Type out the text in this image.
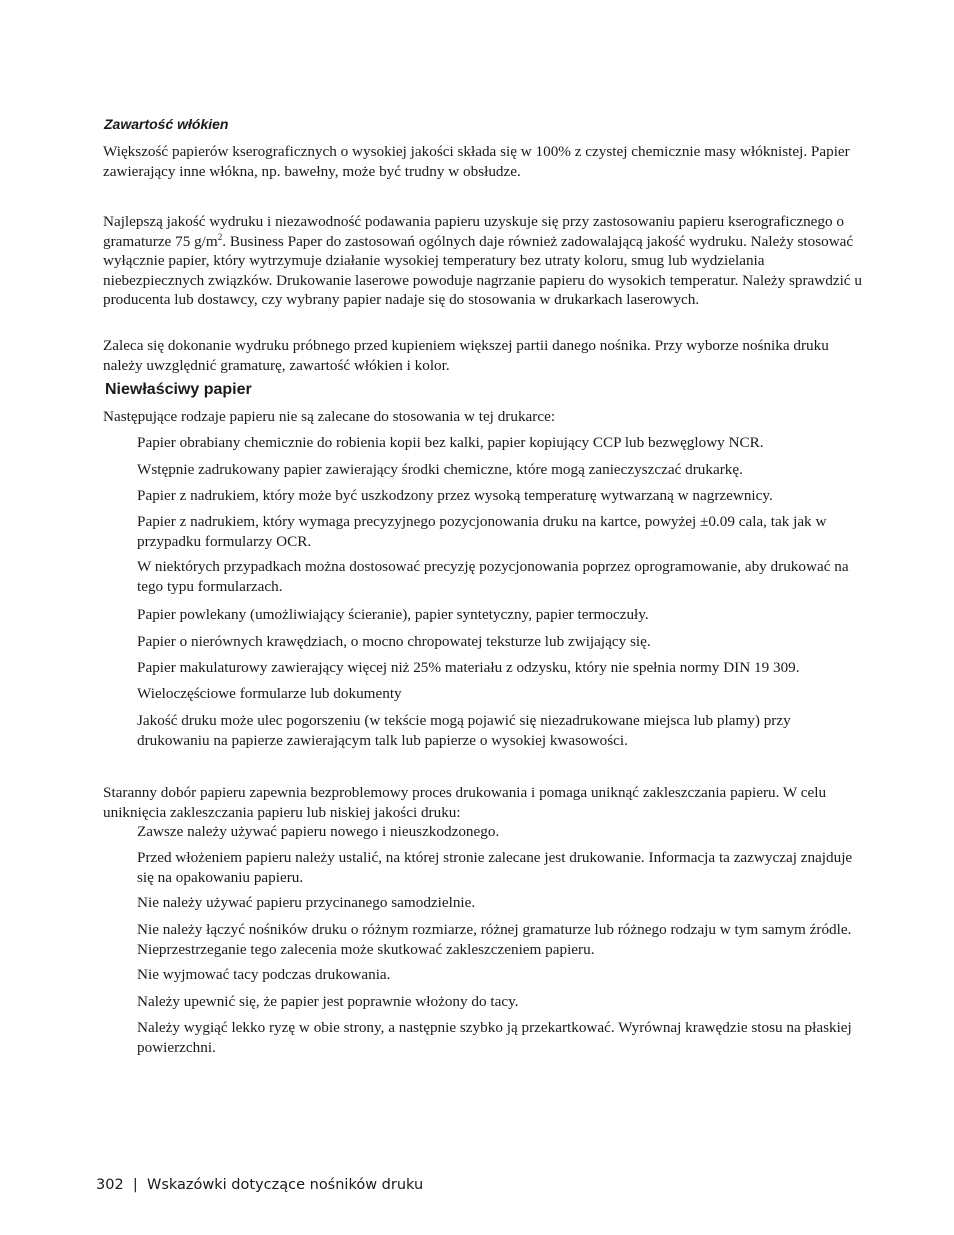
Zawartość włókien

Większość papierów kserograficznych o wysokiej jakości składa się w 100% z czystej chemicznie masy włóknistej. Papier zawierający inne włókna, np. bawełny, może być trudny w obsłudze.

Najlepszą jakość wydruku i niezawodność podawania papieru uzyskuje się przy zastosowaniu papieru kserograficznego o gramaturze 75 $g/m^2$. Business Paper do zastosowań ogólnych daje również zadowalającą jakość wydruku. Należy stosować wyłącznie papier, który wytrzymuje działanie wysokiej temperatury bez utraty koloru, smug lub wydzielania niebezpiecznych związków. Drukowanie laserowe powoduje nagrzanie papieru do wysokich temperatur. Należy sprawdzić u producenta lub dostawcy, czy wybrany papier nadaje się do stosowania w drukarkach laserowych.

Zaleca się dokonanie wydruku próbnego przed kupieniem większej partii danego nośnika. Przy wyborze nośnika druku należy uwzględnić gramaturę, zawartość włókien i kolor.

Niewłaściwy papier

Następujące rodzaje papieru nie są zalecane do stosowania w tej drukarce:

Papier obrabiany chemicznie do robienia kopii bez kalki, papier kopiujący CCP lub bezwęglowy NCR.

Wstępnie zadrukowany papier zawierający środki chemiczne, które mogą zanieczyszczać drukarkę.

Papier z nadrukiem, który może być uszkodzony przez wysoką temperaturę wytwarzaną w nagrzewnicy.

Papier z nadrukiem, który wymaga precyzyjnego pozycjonowania druku na kartce, powyżej ±0.09 cala, tak jak w przypadku formularzy OCR.

W niektórych przypadkach można dostosować precyzję pozycjonowania poprzez oprogramowanie, aby drukować na tego typu formularzach.

Papier powlekany (umożliwiający ścieranie), papier syntetyczny, papier termoczuły.

Papier o nierównych krawędziach, o mocno chropowatej teksturze lub zwijający się.

Papier makulaturowy zawierający więcej niż 25% materiału z odzysku, który nie spełnia normy DIN 19 309.

Wieloczęściowe formularze lub dokumenty

Jakość druku może ulec pogorszeniu (w tekście mogą pojawić się niezadrukowane miejsca lub plamy) przy drukowaniu na papierze zawierającym talk lub papierze o wysokiej kwasowości.

Staranny dobór papieru zapewnia bezproblemowy proces drukowania i pomaga uniknąć zakleszczania papieru. W celu uniknięcia zakleszczania papieru lub niskiej jakości druku:

Zawsze należy używać papieru nowego i nieuszkodzonego.

Przed włożeniem papieru należy ustalić, na której stronie zalecane jest drukowanie. Informacja ta zazwyczaj znajduje się na opakowaniu papieru.

Nie należy używać papieru przycinanego samodzielnie.

Nie należy łączyć nośników druku o różnym rozmiarze, różnej gramaturze lub różnego rodzaju w tym samym źródle. Nieprzestrzeganie tego zalecenia może skutkować zakleszczeniem papieru.

Nie wyjmować tacy podczas drukowania.

Należy upewnić się, że papier jest poprawnie włożony do tacy.

Należy wygiąć lekko ryzę w obie strony, a następnie szybko ją przekartkować. Wyrównaj krawędzie stosu na płaskiej powierzchni.

302 | Wskazówki dotyczące nośników druku
